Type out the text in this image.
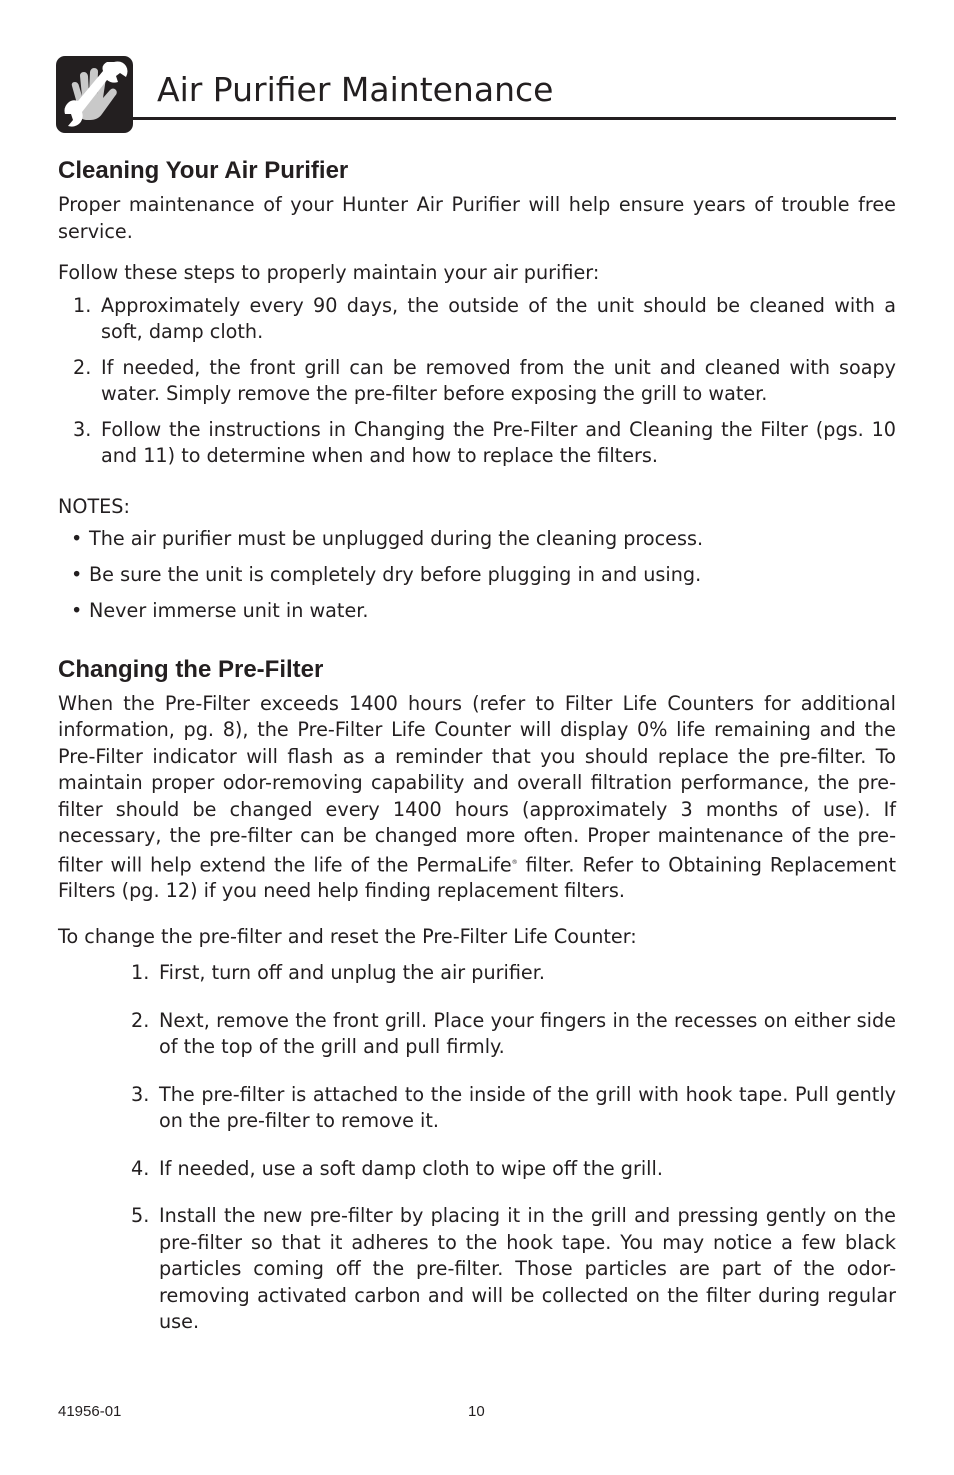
Air Purifier Maintenance
Cleaning Your Air Purifier

Proper maintenance of your Hunter Air Purifier will help ensure years of trouble free service.

Follow these steps to properly maintain your air purifier:

1. Approximately every 90 days, the outside of the unit should be cleaned with a soft, damp cloth.
2. If needed, the front grill can be removed from the unit and cleaned with soapy water. Simply remove the pre-filter before exposing the grill to water.
3. Follow the instructions in Changing the Pre-Filter and Cleaning the Filter (pgs. 10 and 11) to determine when and how to replace the filters.

NOTES:

• The air purifier must be unplugged during the cleaning process.
• Be sure the unit is completely dry before plugging in and using.
• Never immerse unit in water.
Changing the Pre-Filter

When the Pre-Filter exceeds 1400 hours (refer to Filter Life Counters for additional information, pg. 8), the Pre-Filter Life Counter will display 0% life remaining and the Pre-Filter indicator will flash as a reminder that you should replace the pre-filter. To maintain proper odor-removing capability and overall filtration performance, the pre-filter should be changed every 1400 hours (approximately 3 months of use). If necessary, the pre-filter can be changed more often. Proper maintenance of the pre-filter will help extend the life of the PermaLife® filter. Refer to Obtaining Replacement Filters (pg. 12) if you need help finding replacement filters.

To change the pre-filter and reset the Pre-Filter Life Counter:

1. First, turn off and unplug the air purifier.
2. Next, remove the front grill. Place your fingers in the recesses on either side of the top of the grill and pull firmly.
3. The pre-filter is attached to the inside of the grill with hook tape. Pull gently on the pre-filter to remove it.
4. If needed, use a soft damp cloth to wipe off the grill.
5. Install the new pre-filter by placing it in the grill and pressing gently on the pre-filter so that it adheres to the hook tape. You may notice a few black particles coming off the pre-filter. Those particles are part of the odor-removing activated carbon and will be collected on the filter during regular use.
41956-01	10
